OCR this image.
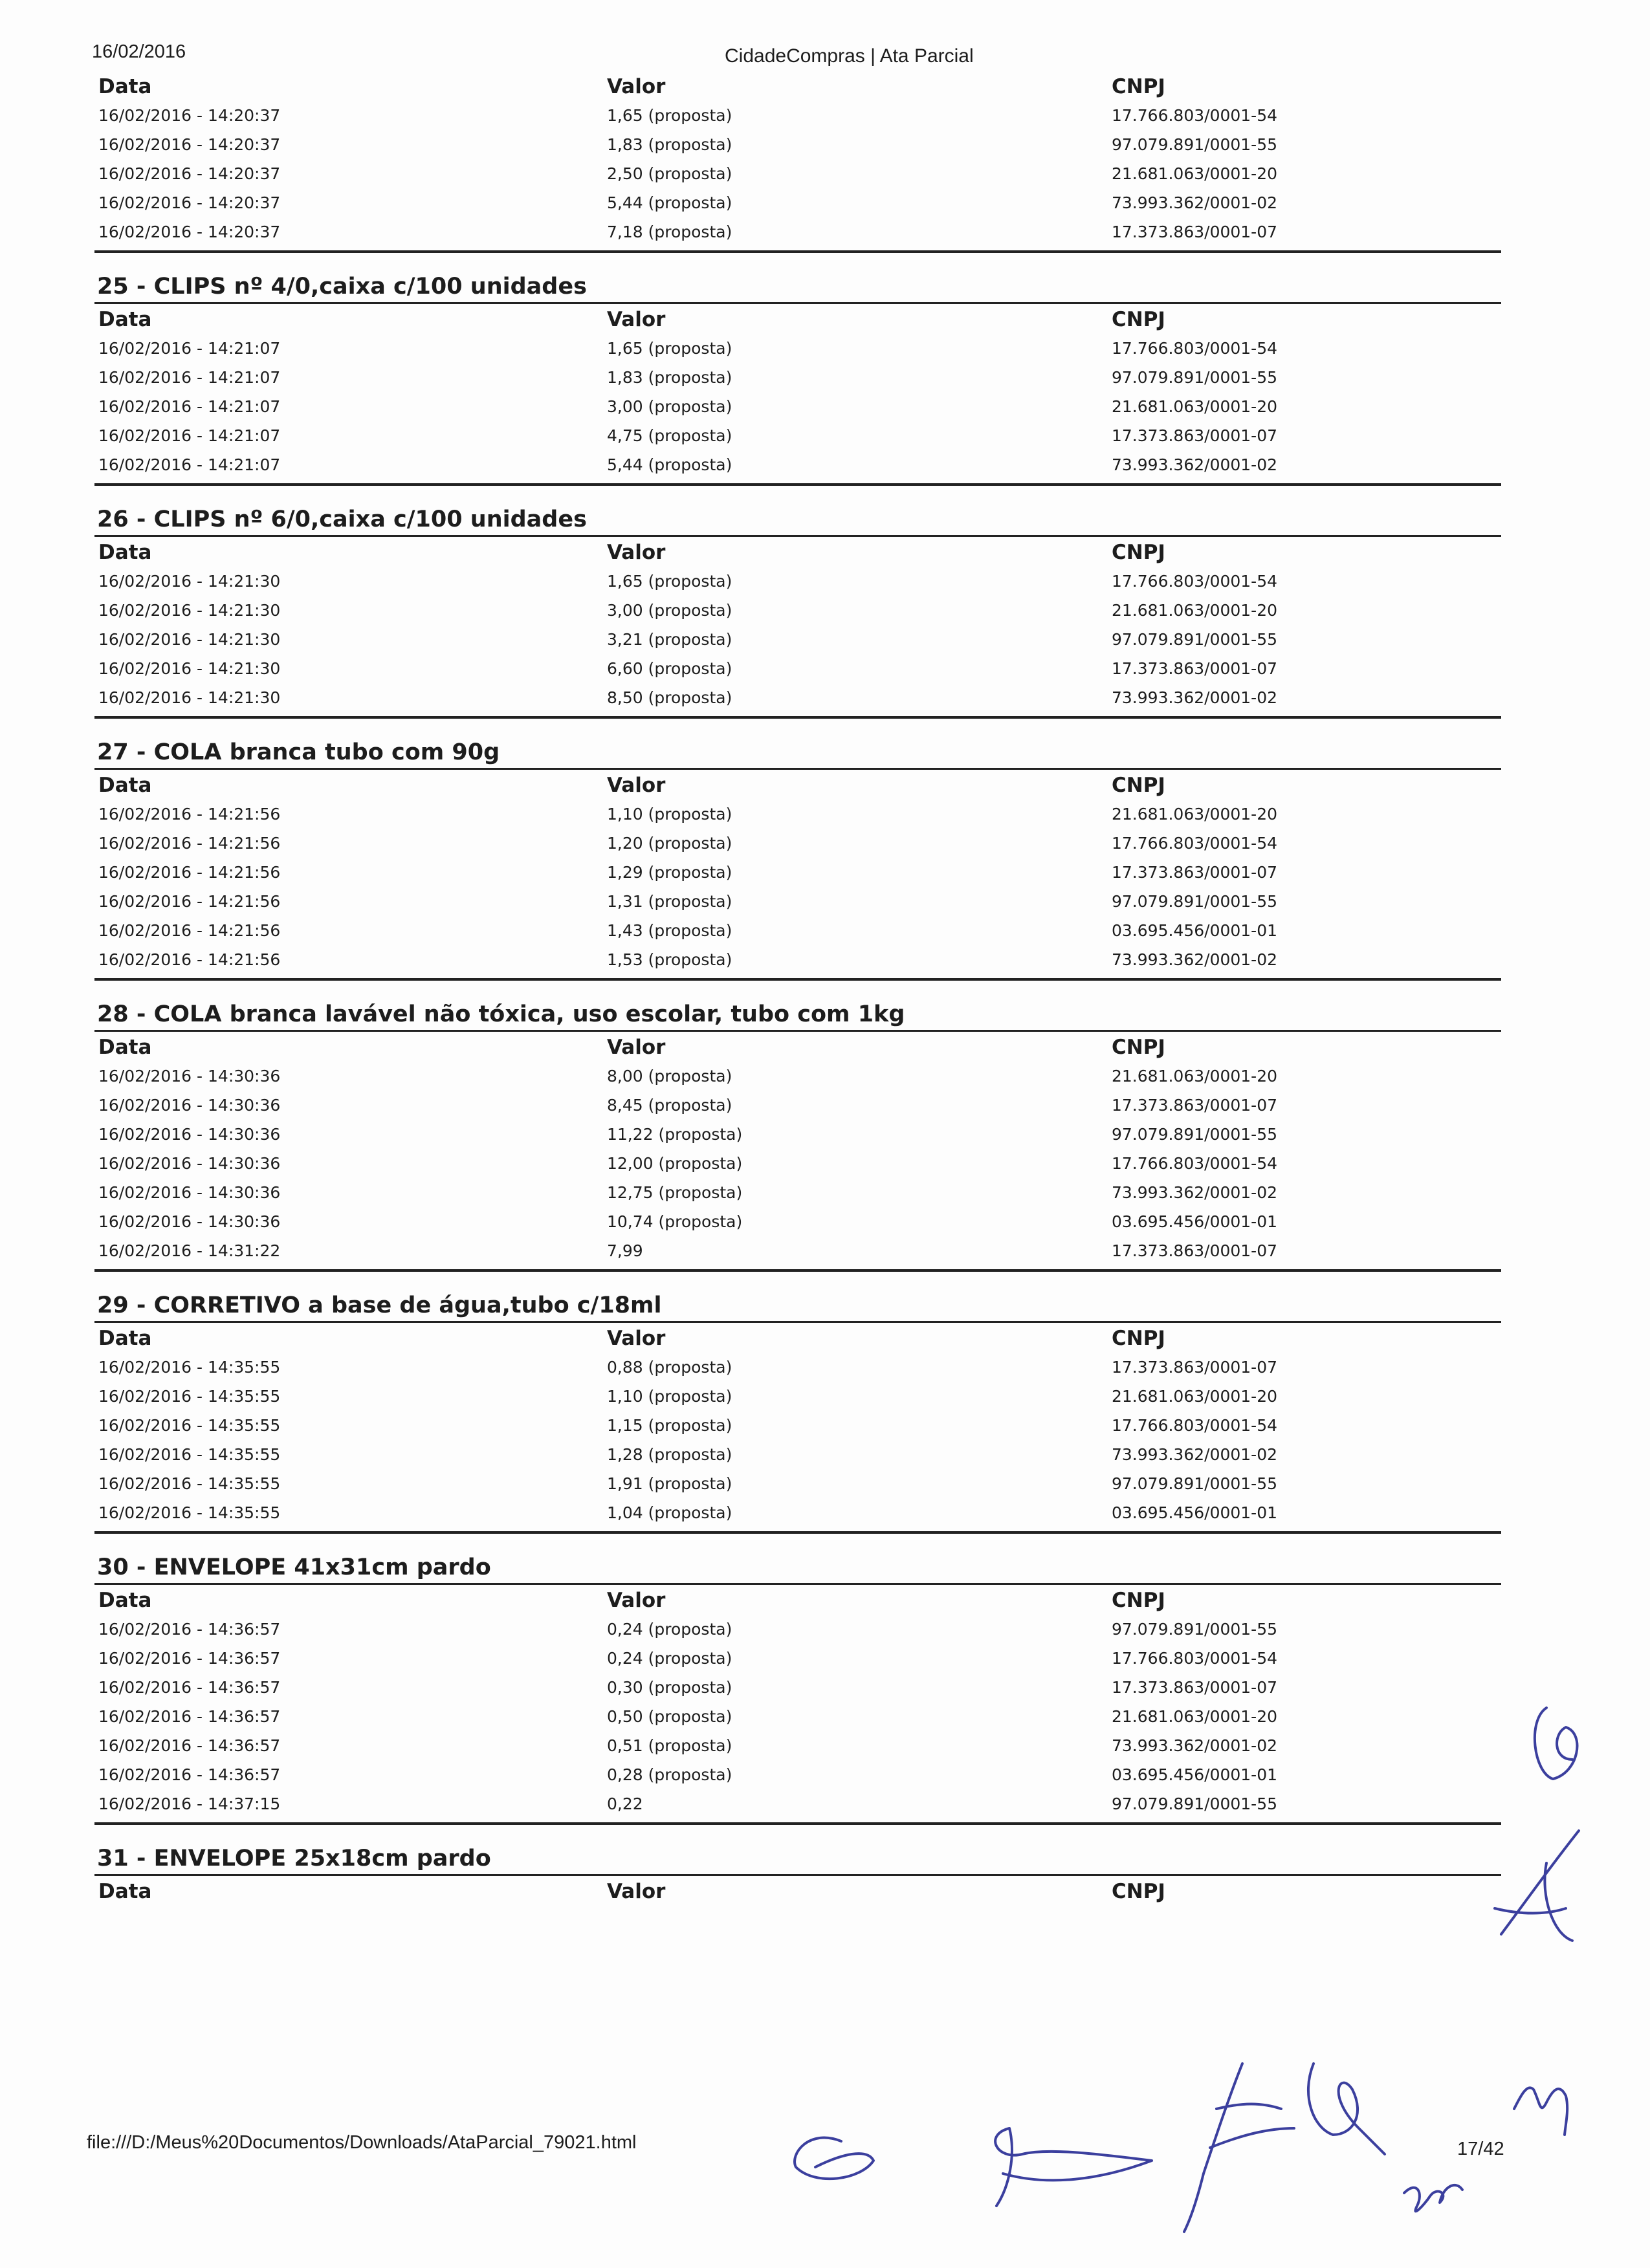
16/02/2016	CidadeCompras | Ata Parcial
Data	Valor	CNPJ
16/02/2016 - 14:20:37	1,65 (proposta)	17.766.803/0001-54
16/02/2016 - 14:20:37	1,83 (proposta)	97.079.891/0001-55
16/02/2016 - 14:20:37	2,50 (proposta)	21.681.063/0001-20
16/02/2016 - 14:20:37	5,44 (proposta)	73.993.362/0001-02
16/02/2016 - 14:20:37	7,18 (proposta)	17.373.863/0001-07
25 - CLIPS nº 4/0,caixa c/100 unidades
Data	Valor	CNPJ
16/02/2016 - 14:21:07	1,65 (proposta)	17.766.803/0001-54
16/02/2016 - 14:21:07	1,83 (proposta)	97.079.891/0001-55
16/02/2016 - 14:21:07	3,00 (proposta)	21.681.063/0001-20
16/02/2016 - 14:21:07	4,75 (proposta)	17.373.863/0001-07
16/02/2016 - 14:21:07	5,44 (proposta)	73.993.362/0001-02
26 - CLIPS nº 6/0,caixa c/100 unidades
Data	Valor	CNPJ
16/02/2016 - 14:21:30	1,65 (proposta)	17.766.803/0001-54
16/02/2016 - 14:21:30	3,00 (proposta)	21.681.063/0001-20
16/02/2016 - 14:21:30	3,21 (proposta)	97.079.891/0001-55
16/02/2016 - 14:21:30	6,60 (proposta)	17.373.863/0001-07
16/02/2016 - 14:21:30	8,50 (proposta)	73.993.362/0001-02
27 - COLA branca tubo com 90g
Data	Valor	CNPJ
16/02/2016 - 14:21:56	1,10 (proposta)	21.681.063/0001-20
16/02/2016 - 14:21:56	1,20 (proposta)	17.766.803/0001-54
16/02/2016 - 14:21:56	1,29 (proposta)	17.373.863/0001-07
16/02/2016 - 14:21:56	1,31 (proposta)	97.079.891/0001-55
16/02/2016 - 14:21:56	1,43 (proposta)	03.695.456/0001-01
16/02/2016 - 14:21:56	1,53 (proposta)	73.993.362/0001-02
28 - COLA branca lavável não tóxica, uso escolar, tubo com 1kg
Data	Valor	CNPJ
16/02/2016 - 14:30:36	8,00 (proposta)	21.681.063/0001-20
16/02/2016 - 14:30:36	8,45 (proposta)	17.373.863/0001-07
16/02/2016 - 14:30:36	11,22 (proposta)	97.079.891/0001-55
16/02/2016 - 14:30:36	12,00 (proposta)	17.766.803/0001-54
16/02/2016 - 14:30:36	12,75 (proposta)	73.993.362/0001-02
16/02/2016 - 14:30:36	10,74 (proposta)	03.695.456/0001-01
16/02/2016 - 14:31:22	7,99	17.373.863/0001-07
29 - CORRETIVO a base de água,tubo c/18ml
Data	Valor	CNPJ
16/02/2016 - 14:35:55	0,88 (proposta)	17.373.863/0001-07
16/02/2016 - 14:35:55	1,10 (proposta)	21.681.063/0001-20
16/02/2016 - 14:35:55	1,15 (proposta)	17.766.803/0001-54
16/02/2016 - 14:35:55	1,28 (proposta)	73.993.362/0001-02
16/02/2016 - 14:35:55	1,91 (proposta)	97.079.891/0001-55
16/02/2016 - 14:35:55	1,04 (proposta)	03.695.456/0001-01
30 - ENVELOPE 41x31cm pardo
Data	Valor	CNPJ
16/02/2016 - 14:36:57	0,24 (proposta)	97.079.891/0001-55
16/02/2016 - 14:36:57	0,24 (proposta)	17.766.803/0001-54
16/02/2016 - 14:36:57	0,30 (proposta)	17.373.863/0001-07
16/02/2016 - 14:36:57	0,50 (proposta)	21.681.063/0001-20
16/02/2016 - 14:36:57	0,51 (proposta)	73.993.362/0001-02
16/02/2016 - 14:36:57	0,28 (proposta)	03.695.456/0001-01
16/02/2016 - 14:37:15	0,22	97.079.891/0001-55
31 - ENVELOPE 25x18cm pardo
Data	Valor	CNPJ
file:///D:/Meus%20Documentos/Downloads/AtaParcial_79021.html	17/42
